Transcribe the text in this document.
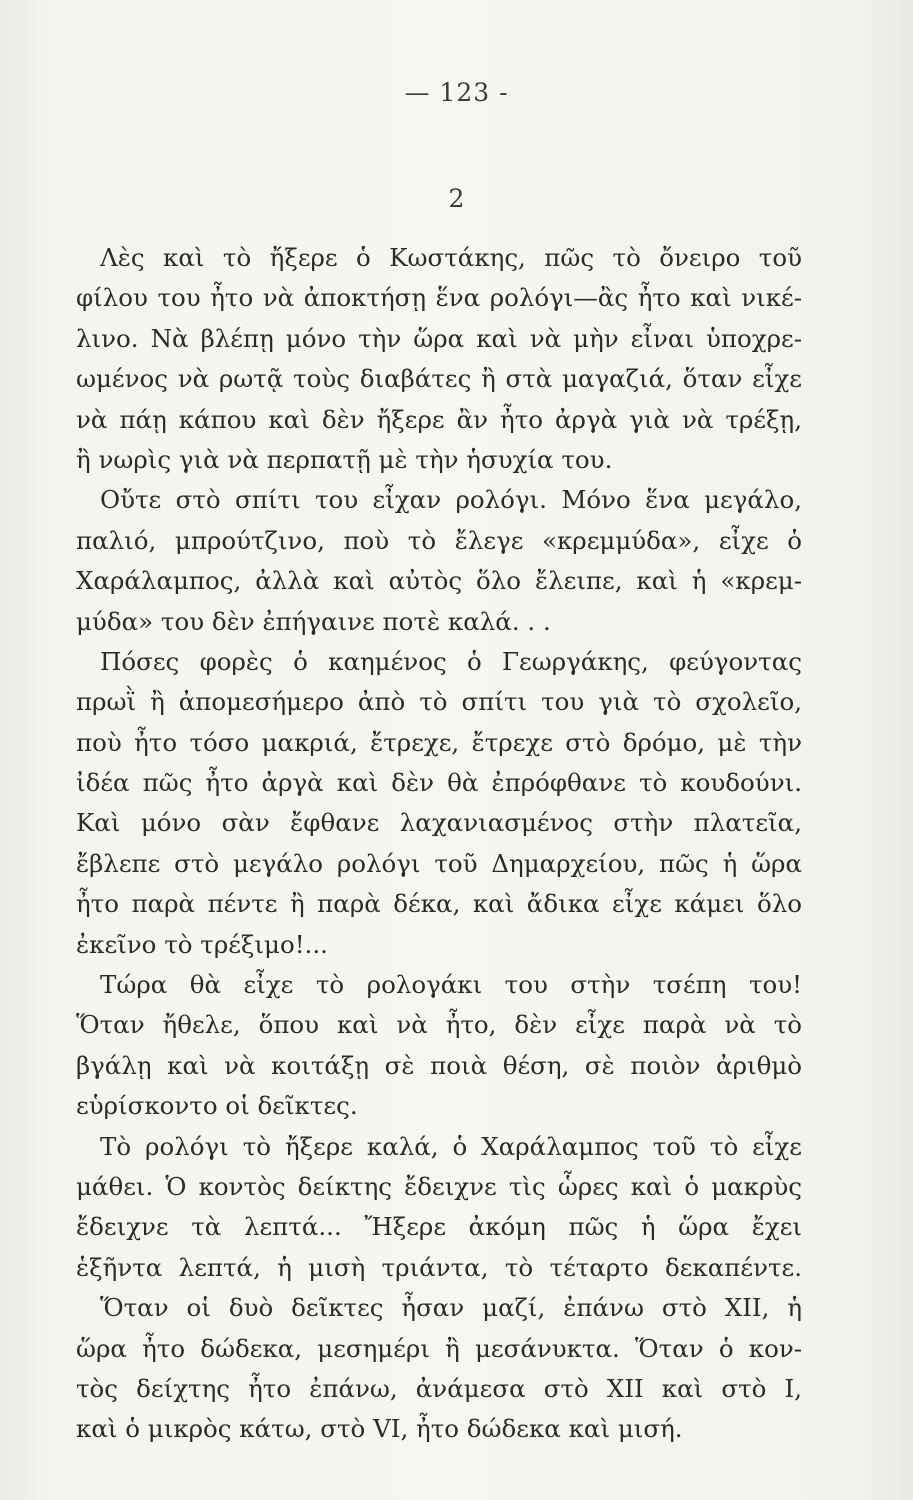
— 123 -
2
Λὲς καὶ τὸ ἤξερε ὁ Κωστάκης, πῶς τὸ ὄνειρο τοῦ
φίλου του ἦτο νὰ ἀποκτήσῃ ἕνα ρολόγι—ἂς ἦτο καὶ νικέ-
λινο. Νὰ βλέπῃ μόνο τὴν ὥρα καὶ νὰ μὴν εἶναι ὑποχρε-
ωμένος νὰ ρωτᾷ τοὺς διαβάτες ἢ στὰ μαγαζιά, ὅταν εἶχε
νὰ πάῃ κάπου καὶ δὲν ἤξερε ἂν ἦτο ἀργὰ γιὰ νὰ τρέξῃ,
ἢ νωρὶς γιὰ νὰ περπατῇ μὲ τὴν ἡσυχία του.
Οὔτε στὸ σπίτι του εἶχαν ρολόγι. Μόνο ἕνα μεγάλο,
παλιό, μπρούτζινο, ποὺ τὸ ἔλεγε «κρεμμύδα», εἶχε ὁ
Χαράλαμπος, ἀλλὰ καὶ αὐτὸς ὅλο ἔλειπε, καὶ ἡ «κρεμ-
μύδα» του δὲν ἐπήγαινε ποτὲ καλά. . .
Πόσες φορὲς ὁ καημένος ὁ Γεωργάκης, φεύγοντας
πρωῒ ἢ ἀπομεσήμερο ἀπὸ τὸ σπίτι του γιὰ τὸ σχολεῖο,
ποὺ ἦτο τόσο μακριά, ἔτρεχε, ἔτρεχε στὸ δρόμο, μὲ τὴν
ἰδέα πῶς ἦτο ἀργὰ καὶ δὲν θὰ ἐπρόφθανε τὸ κουδούνι.
Καὶ μόνο σὰν ἔφθανε λαχανιασμένος στὴν πλατεῖα,
ἔβλεπε στὸ μεγάλο ρολόγι τοῦ Δημαρχείου, πῶς ἡ ὥρα
ἦτο παρὰ πέντε ἢ παρὰ δέκα, καὶ ἄδικα εἶχε κάμει ὅλο
ἐκεῖνο τὸ τρέξιμο!...
Τώρα θὰ εἶχε τὸ ρολογάκι του στὴν τσέπη του!
Ὅταν ἤθελε, ὅπου καὶ νὰ ἦτο, δὲν εἶχε παρὰ νὰ τὸ
βγάλῃ καὶ νὰ κοιτάξῃ σὲ ποιὰ θέση, σὲ ποιὸν ἀριθμὸ
εὑρίσκοντο οἱ δεῖκτες.
Τὸ ρολόγι τὸ ἤξερε καλά, ὁ Χαράλαμπος τοῦ τὸ εἶχε
μάθει. Ὁ κοντὸς δείκτης ἔδειχνε τὶς ὧρες καὶ ὁ μακρὺς
ἔδειχνε τὰ λεπτά... Ἤξερε ἀκόμη πῶς ἡ ὥρα ἔχει
ἑξῆντα λεπτά, ἡ μισὴ τριάντα, τὸ τέταρτο δεκαπέντε.
Ὅταν οἱ δυὸ δεῖκτες ἦσαν μαζί, ἐπάνω στὸ XII, ἡ
ὥρα ἦτο δώδεκα, μεσημέρι ἢ μεσάνυκτα. Ὅταν ὁ κον-
τὸς δείχτης ἦτο ἐπάνω, ἀνάμεσα στὸ XII καὶ στὸ I,
καὶ ὁ μικρὸς κάτω, στὸ VI, ἦτο δώδεκα καὶ μισή.
